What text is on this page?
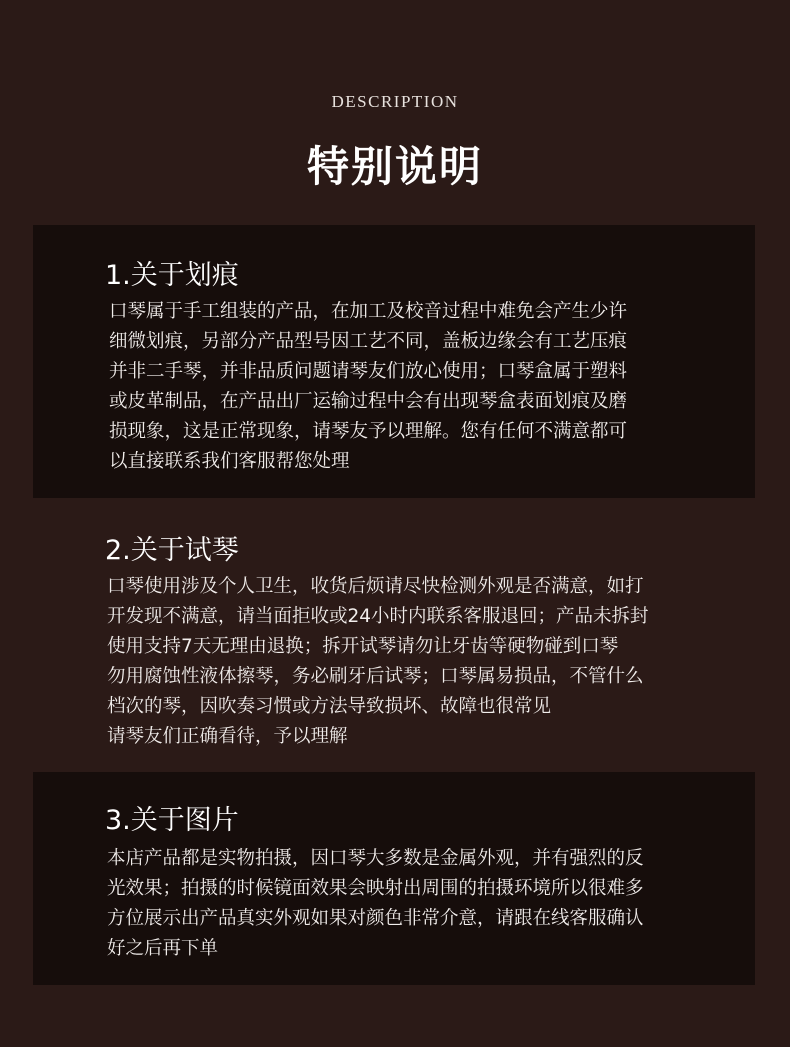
DESCRIPTION
特别说明
1.关于划痕
口琴属于手工组装的产品，在加工及校音过程中难免会产生少许
细微划痕，另部分产品型号因工艺不同，盖板边缘会有工艺压痕
并非二手琴，并非品质问题请琴友们放心使用；口琴盒属于塑料
或皮革制品，在产品出厂运输过程中会有出现琴盒表面划痕及磨
损现象，这是正常现象，请琴友予以理解。您有任何不满意都可
以直接联系我们客服帮您处理
2.关于试琴
口琴使用涉及个人卫生，收货后烦请尽快检测外观是否满意，如打
开发现不满意，请当面拒收或24小时内联系客服退回；产品未拆封
使用支持7天无理由退换；拆开试琴请勿让牙齿等硬物碰到口琴
勿用腐蚀性液体擦琴，务必刷牙后试琴；口琴属易损品，不管什么
档次的琴，因吹奏习惯或方法导致损坏、故障也很常见
请琴友们正确看待，予以理解
3.关于图片
本店产品都是实物拍摄，因口琴大多数是金属外观，并有强烈的反
光效果；拍摄的时候镜面效果会映射出周围的拍摄环境所以很难多
方位展示出产品真实外观如果对颜色非常介意，请跟在线客服确认
好之后再下单
